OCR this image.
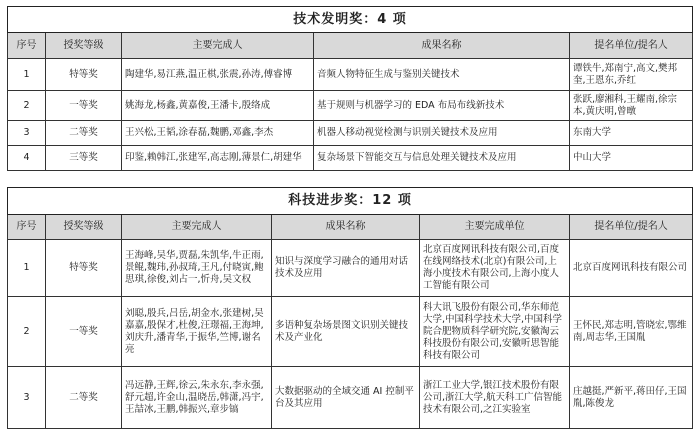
技术发明奖：4 项				
序号	授奖等级	主要完成人	成果名称	提名单位/提名人
1	特等奖	陶建华,易江燕,温正棋,张震,孙涛,傅睿博	音频人物特征生成与鉴别关键技术	谭铁牛,郑南宁,高文,樊邦奎,王恩东,乔红
2	一等奖	姚海龙,杨鑫,黄嘉俊,王潘卡,殷络成	基于规则与机器学习的 EDA 布局布线新技术	张跃,廖湘科,王耀南,徐宗本,黄庆明,曾暾
3	二等奖	王兴松,王韬,涂春磊,魏鹏,邓鑫,李杰	机器人移动视觉检测与识别关键技术及应用	东南大学
4	三等奖	印鉴,赖韩江,张建军,高志刚,薄景仁,胡建华	复杂场景下智能交互与信息处理关键技术及应用	中山大学
科技进步奖：12 项					
序号	授奖等级	主要完成人	成果名称	主要完成单位	提名单位/提名人
1	特等奖	王海峰,吴华,贾磊,朱凯华,牛正雨,景鲲,魏玮,孙叔琦,王凡,付晓寅,鲍思琪,徐俊,刘占一,忻舟,吴文权	知识与深度学习融合的通用对话技术及应用	北京百度网讯科技有限公司,百度在线网络技术(北京)有限公司,上海小度技术有限公司,上海小度人工智能有限公司	北京百度网讯科技有限公司
2	一等奖	刘聪,殷兵,吕岳,胡金水,张建树,吴嘉嘉,殷保才,杜俊,汪璟福,王海坤,刘庆升,潘青华,于振华,竺博,谢名亮	多语种复杂场景图文识别关键技术及产业化	科大讯飞股份有限公司,华东师范大学,中国科学技术大学,中国科学院合肥物质科学研究院,安徽淘云科技股份有限公司,安徽听思智能科技有限公司	王怀民,郑志明,管晓宏,鄂维南,周志华,王国胤
3	二等奖	冯远静,王辉,徐云,朱永东,李永强,舒元超,许金山,温晓岳,韩潇,冯宇,王喆冰,王鹏,韩振兴,章步镐	大数据驱动的全域交通 AI 控制平台及其应用	浙江工业大学,银江技术股份有限公司,浙江大学,航天科工广信智能技术有限公司,之江实验室	庄越挺,严新平,蒋田仔,王国胤,陈俊龙
